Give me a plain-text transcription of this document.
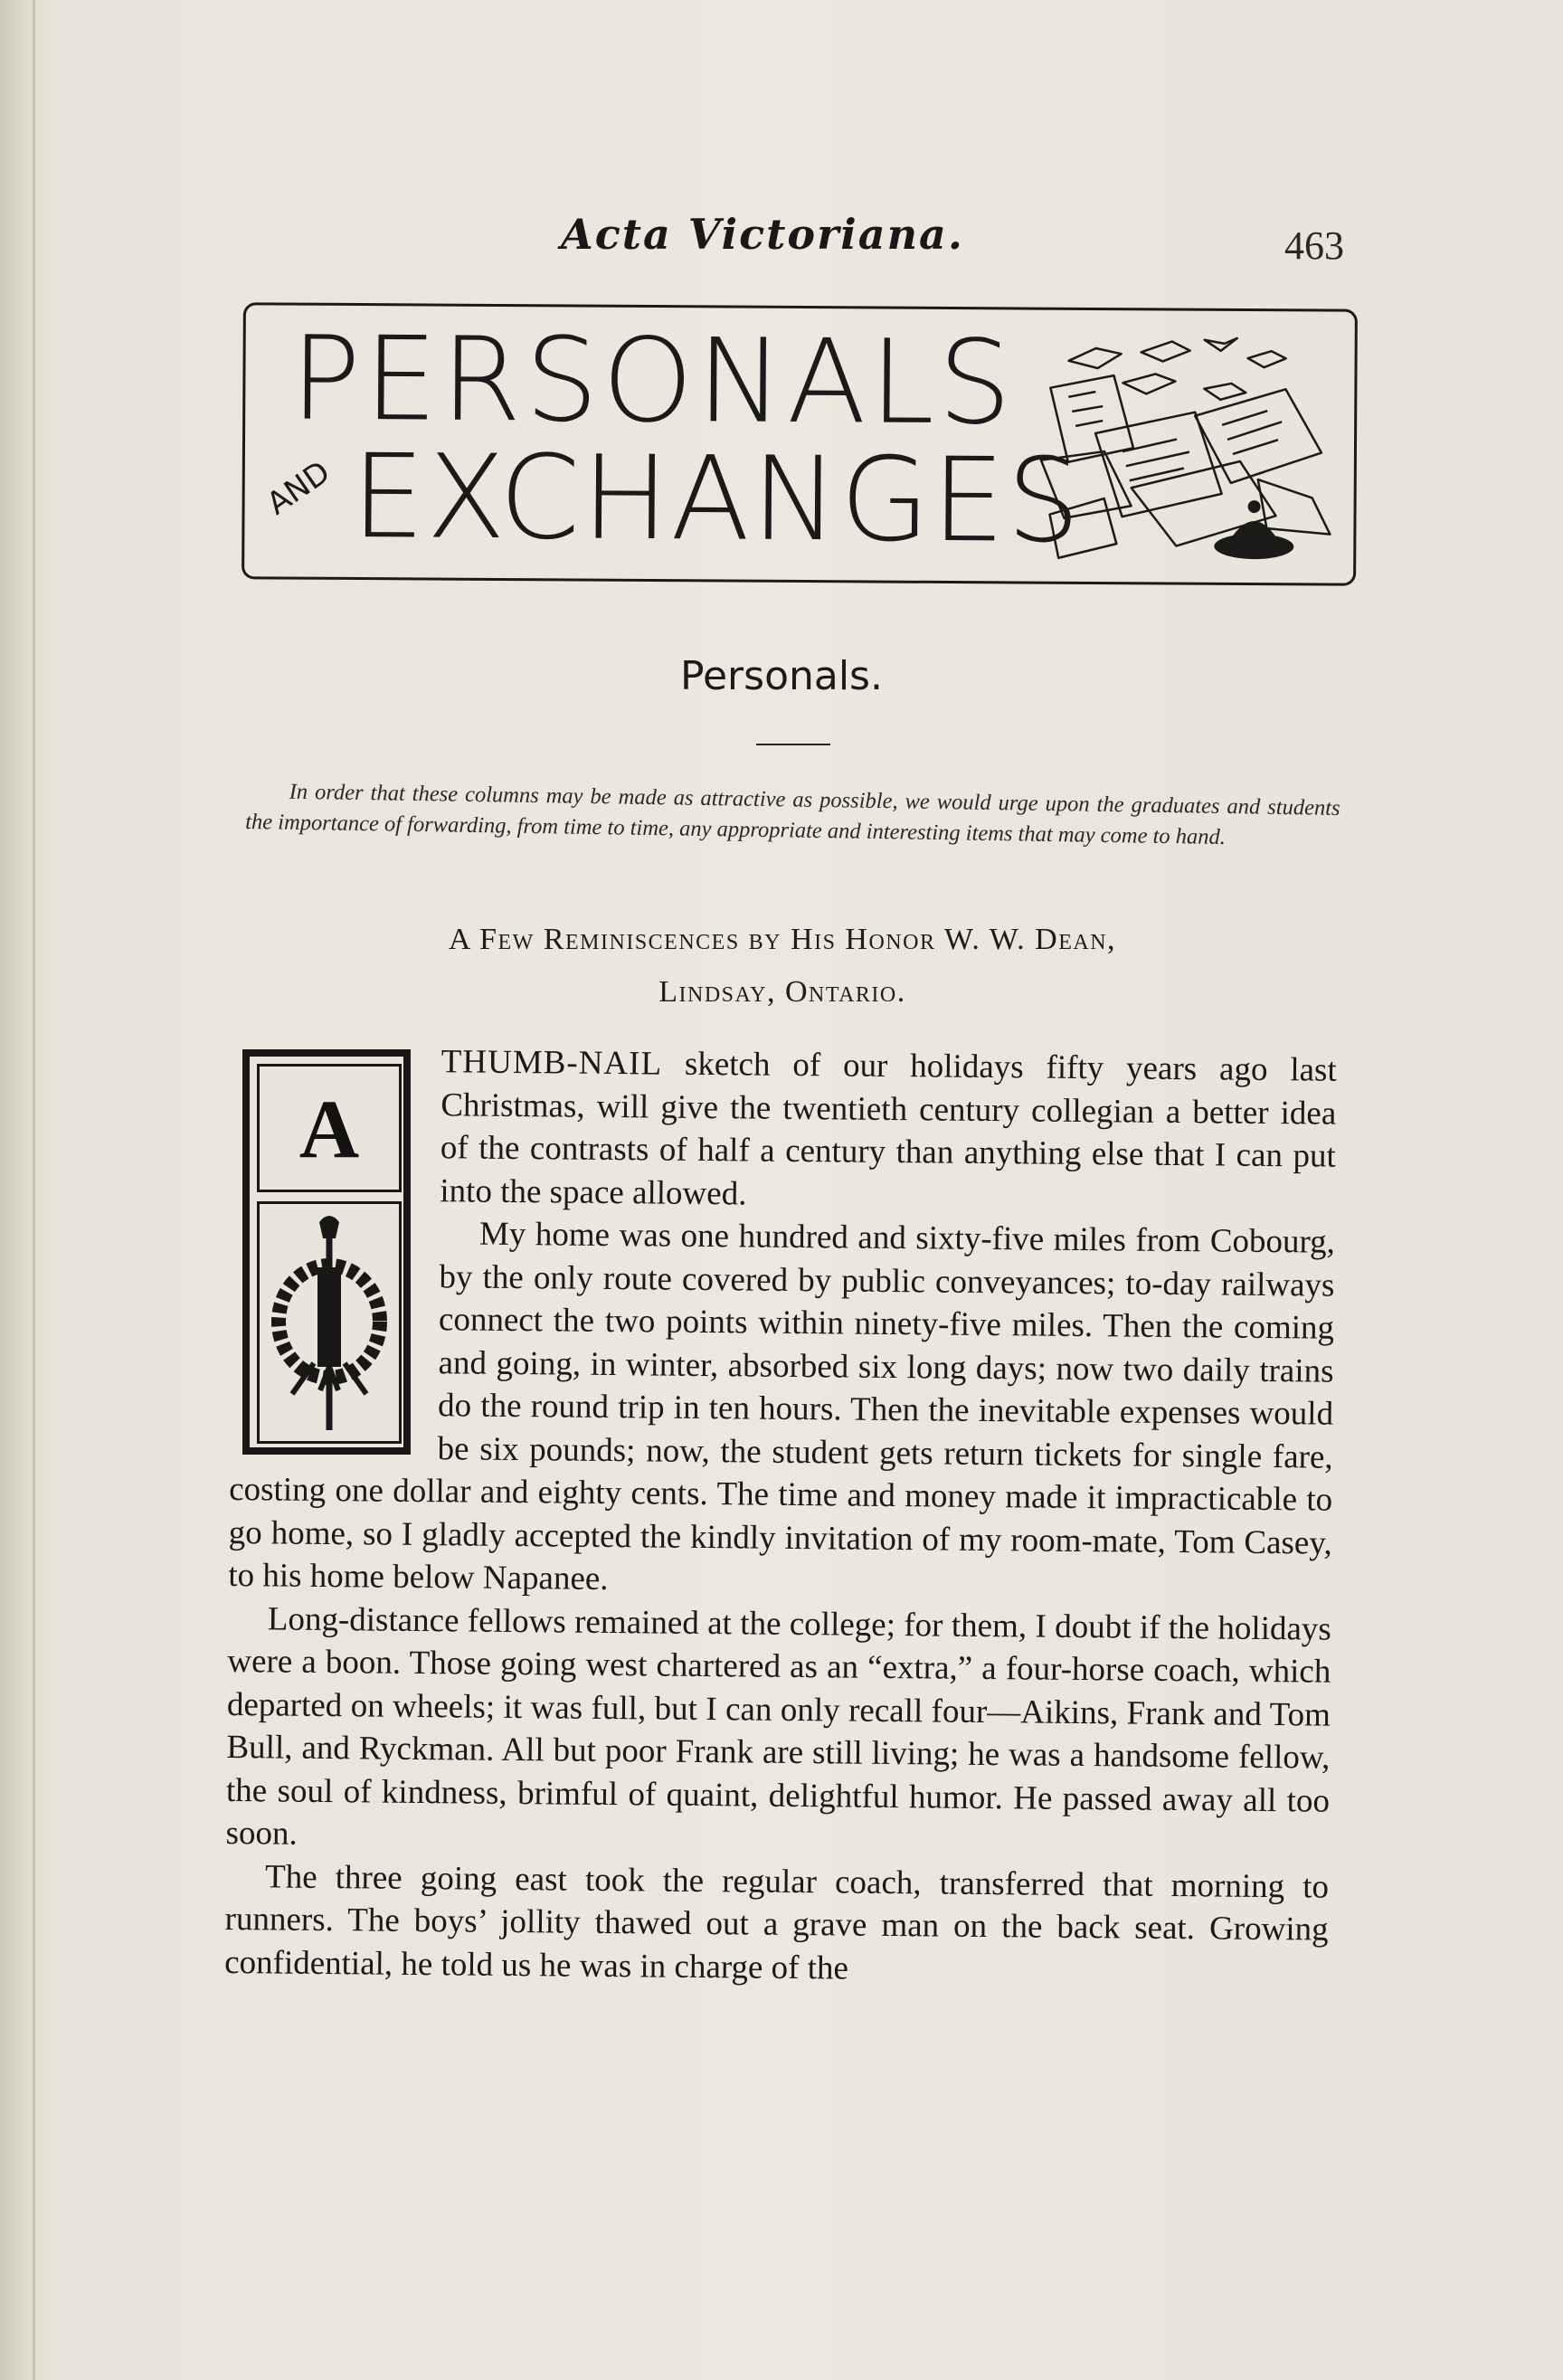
Acta Victoriana.	463
PERSONALS
AND EXCHANGES
Personals.

In order that these columns may be made as attractive as possible, we would urge upon the graduates and students the importance of forwarding, from time to time, any appropriate and interesting items that may come to hand.

A Few Reminiscences by His Honor W. W. Dean,
Lindsay, Ontario.
A

THUMB-NAIL sketch of our holidays fifty years ago last Christmas, will give the twentieth century collegian a better idea of the contrasts of half a century than anything else that I can put into the space allowed.

My home was one hundred and sixty-five miles from Cobourg, by the only route covered by public conveyances; to-day railways connect the two points within ninety-five miles. Then the coming and going, in winter, absorbed six long days; now two daily trains do the round trip in ten hours. Then the inevitable expenses would be six pounds; now, the student gets return tickets for single fare, costing one dollar and eighty cents. The time and money made it impracticable to go home, so I gladly accepted the kindly invitation of my room-mate, Tom Casey, to his home below Napanee.

Long-distance fellows remained at the college; for them, I doubt if the holidays were a boon. Those going west chartered as an “extra,” a four-horse coach, which departed on wheels; it was full, but I can only recall four—Aikins, Frank and Tom Bull, and Ryckman. All but poor Frank are still living; he was a handsome fellow, the soul of kindness, brimful of quaint, delightful humor. He passed away all too soon.

The three going east took the regular coach, transferred that morning to runners. The boys’ jollity thawed out a grave man on the back seat. Growing confidential, he told us he was in charge of the
